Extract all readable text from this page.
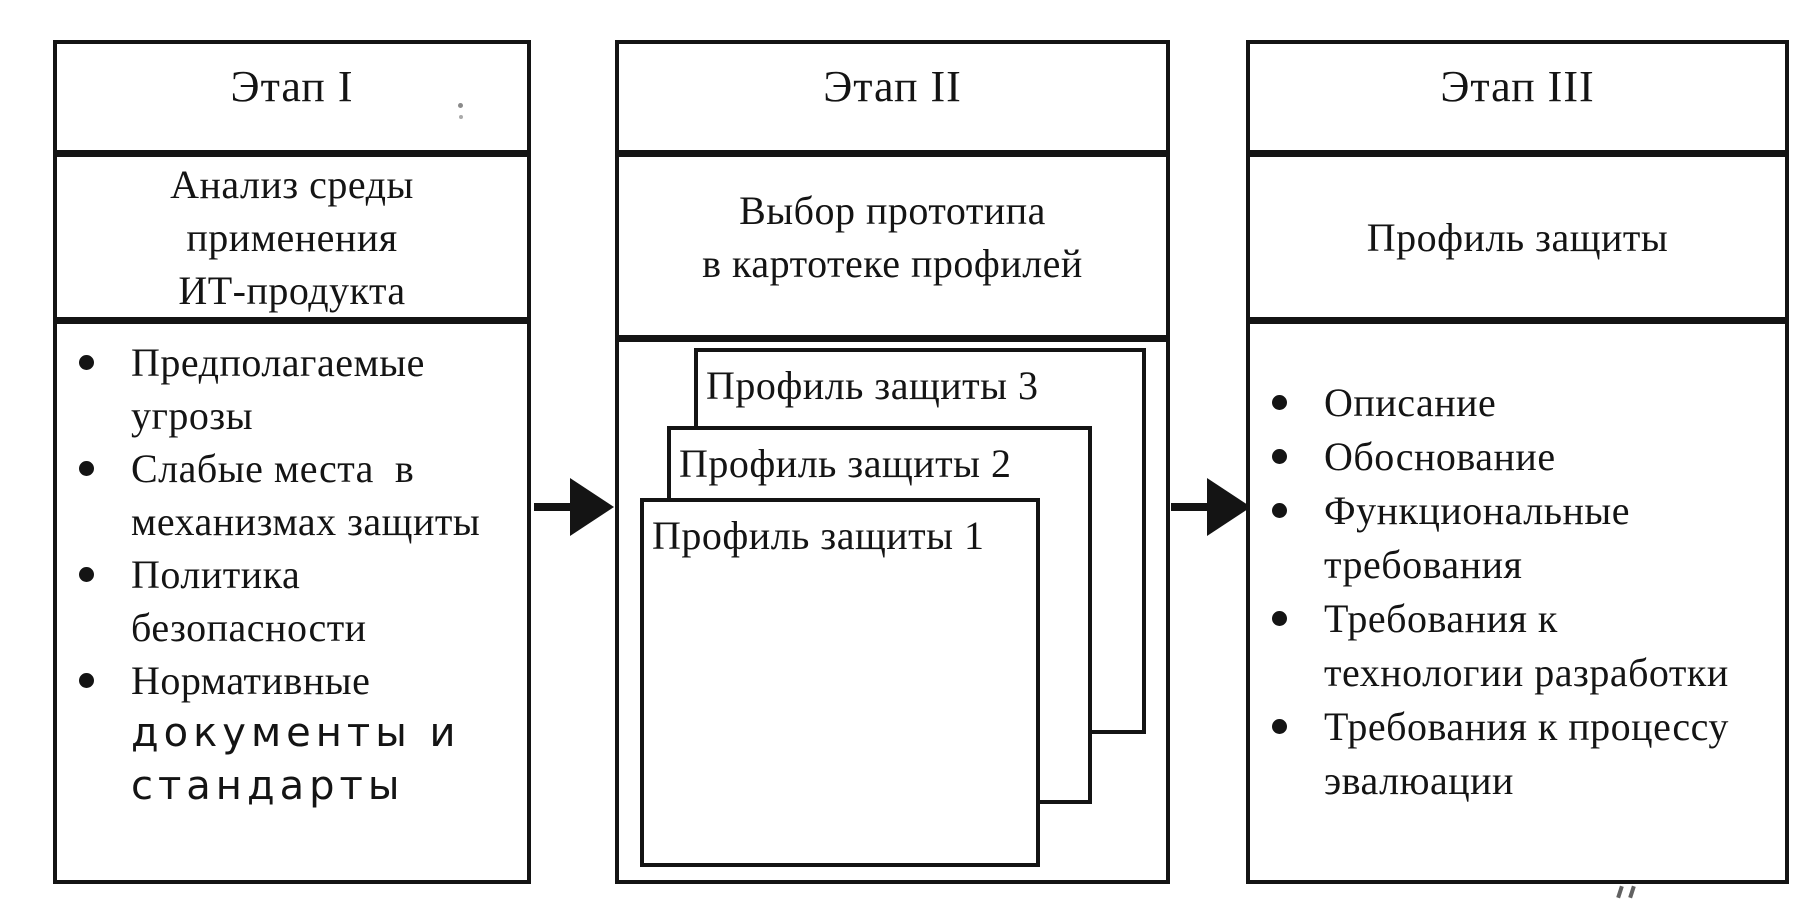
Этап I
Анализ среды
применения
ИТ-продукта
Предполагаемые
угрозы
Слабые места  в
механизмах защиты
Политика
безопасности
Нормативные
документы и
стандарты
Этап II
Выбор прототипа
в картотеке профилей
Профиль защиты 3
Профиль защиты 2
Профиль защиты 1
Этап III
Профиль защиты
Описание
Обоснование
Функциональные
требования
Требования к
технологии разработки
Требования к процессу
эвалюации
